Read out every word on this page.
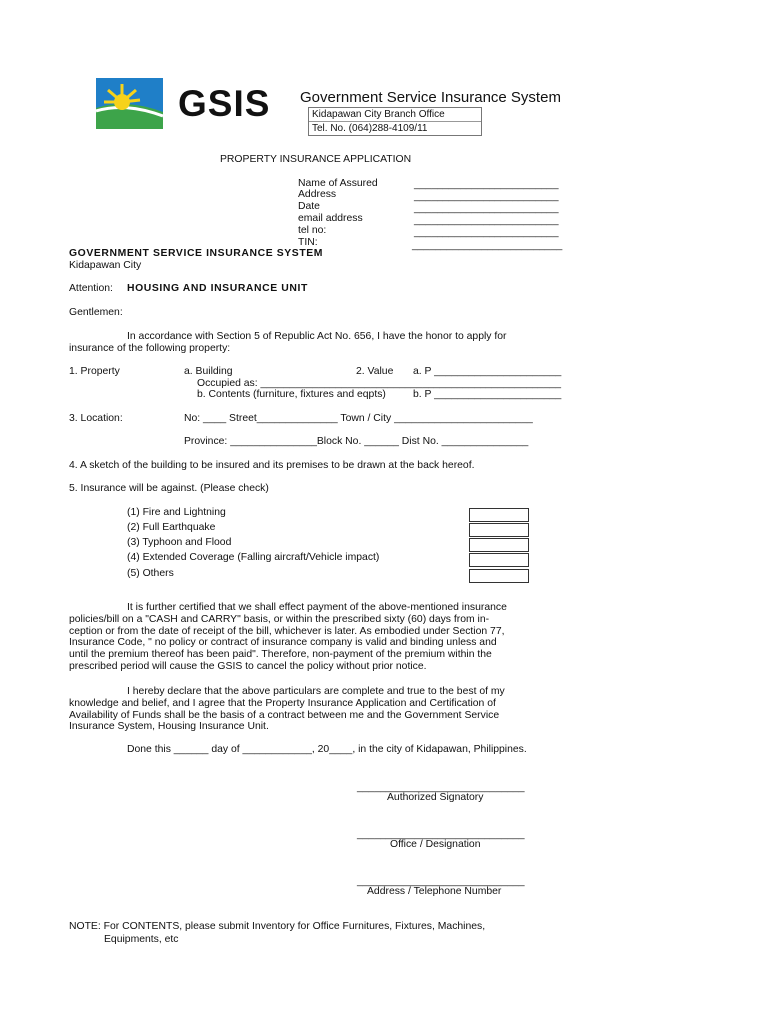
GSIS Government Service Insurance System
Kidapawan City Branch Office
Tel. No. (064)288-4109/11
PROPERTY INSURANCE APPLICATION
Name of Assured	_________________________
Address	_________________________
Date	_________________________
email address	_________________________
tel no:	_________________________
TIN:	__________________________
GOVERNMENT SERVICE INSURANCE SYSTEM
Kidapawan City
Attention: HOUSING AND INSURANCE UNIT
Gentlemen:
In accordance with Section 5 of Republic Act No. 656, I have the honor to apply for
insurance of the following property:
1. Property	a. Building	2. Value a. P ______________________
Occupied as: ____________________________________________________
b. Contents (furniture, fixtures and eqpts)	b. P ______________________
3. Location:	No: ____ Street______________ Town / City ________________________
Province: _______________Block No. ______ Dist No. _______________
4. A sketch of the building to be insured and its premises to be drawn at the back hereof.
5. Insurance will be against. (Please check)
(1) Fire and Lightning
(2) Full Earthquake
(3) Typhoon and Flood
(4) Extended Coverage (Falling aircraft/Vehicle impact)
(5) Others
It is further certified that we shall effect payment of the above-mentioned insurance
policies/bill on a "CASH and CARRY" basis, or within the prescribed sixty (60) days from in-
ception or from the date of receipt of the bill, whichever is later. As embodied under Section 77,
Insurance Code, " no policy or contract of insurance company is valid and binding unless and
until the premium thereof has been paid". Therefore, non-payment of the premium within the
prescribed period will cause the GSIS to cancel the policy without prior notice.
I hereby declare that the above particulars are complete and true to the best of my
knowledge and belief, and I agree that the Property Insurance Application and Certification of
Availability of Funds shall be the basis of a contract between me and the Government Service
Insurance System, Housing Insurance Unit.
Done this ______ day of ____________, 20____, in the city of Kidapawan, Philippines.
_____________________________
Authorized Signatory
_____________________________
Office / Designation
_____________________________
Address / Telephone Number
NOTE: For CONTENTS, please submit Inventory for Office Furnitures, Fixtures, Machines,
Equipments, etc
